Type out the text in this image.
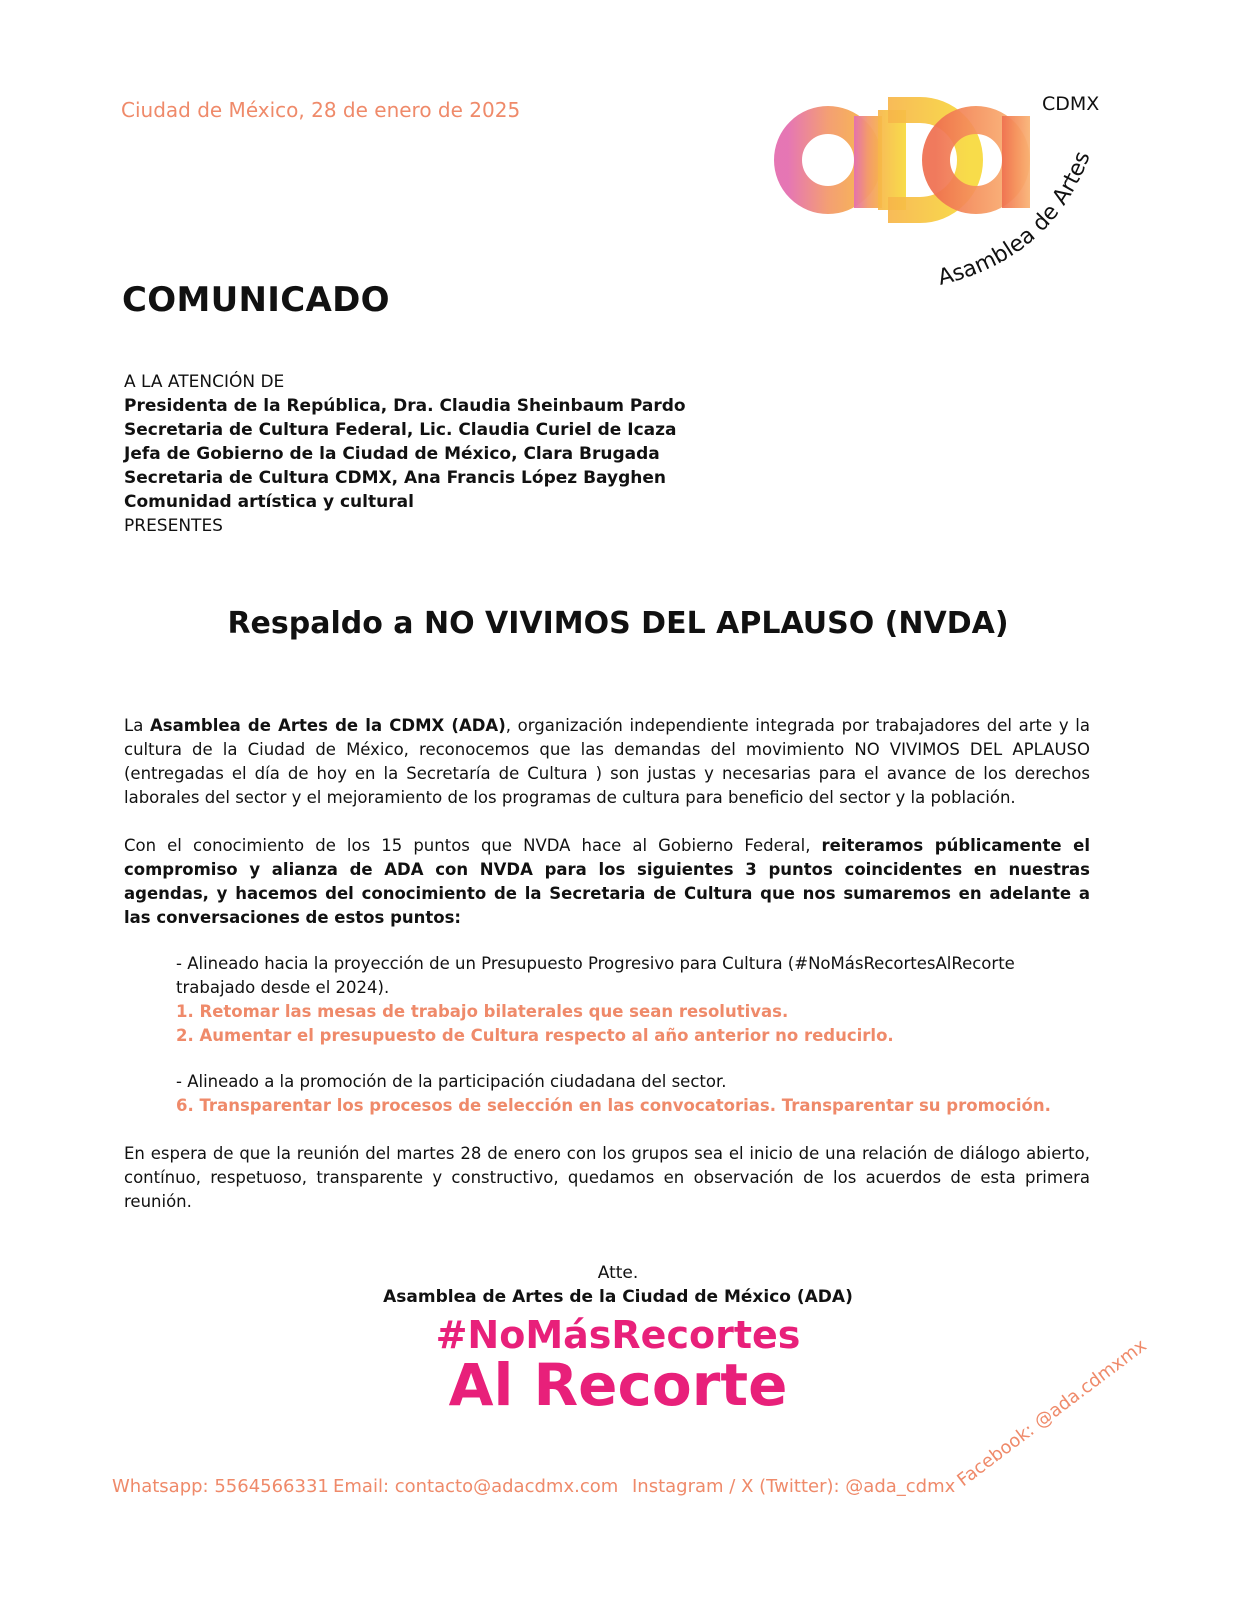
Ciudad de México, 28 de enero de 2025	CDMX
Asamblea de Artes
COMUNICADO
A LA ATENCIÓN DE
Presidenta de la República, Dra. Claudia Sheinbaum Pardo
Secretaria de Cultura Federal, Lic. Claudia Curiel de Icaza
Jefa de Gobierno de la Ciudad de México, Clara Brugada
Secretaria de Cultura CDMX, Ana Francis López Bayghen
Comunidad artística y cultural
PRESENTES
Respaldo a NO VIVIMOS DEL APLAUSO (NVDA)
La Asamblea de Artes de la CDMX (ADA), organización independiente integrada por trabajadores del arte y la cultura de la Ciudad de México, reconocemos que las demandas del movimiento NO VIVIMOS DEL APLAUSO (entregadas el día de hoy en la Secretaría de Cultura ) son justas y necesarias para el avance de los derechos laborales del sector y el mejoramiento de los programas de cultura para beneficio del sector y la población.
Con el conocimiento de los 15 puntos que NVDA hace al Gobierno Federal, reiteramos públicamente el compromiso y alianza de ADA con NVDA para los siguientes 3 puntos coincidentes en nuestras agendas, y hacemos del conocimiento de la Secretaria de Cultura que nos sumaremos en adelante a las conversaciones de estos puntos:
- Alineado hacia la proyección de un Presupuesto Progresivo para Cultura (#NoMásRecortesAlRecorte trabajado desde el 2024).
1. Retomar las mesas de trabajo bilaterales que sean resolutivas.
2. Aumentar el presupuesto de Cultura respecto al año anterior no reducirlo.
- Alineado a la promoción de la participación ciudadana del sector.
6. Transparentar los procesos de selección en las convocatorias. Transparentar su promoción.
En espera de que la reunión del martes 28 de enero con los grupos sea el inicio de una relación de diálogo abierto, contínuo, respetuoso, transparente y constructivo, quedamos en observación de los acuerdos de esta primera reunión.
Atte.
Asamblea de Artes de la Ciudad de México (ADA)
#NoMásRecortes
Al Recorte
Whatsapp: 5564566331 Email: contacto@adacdmx.com Instagram / X (Twitter): @ada_cdmx
Facebook: @ada.cdmxmx
